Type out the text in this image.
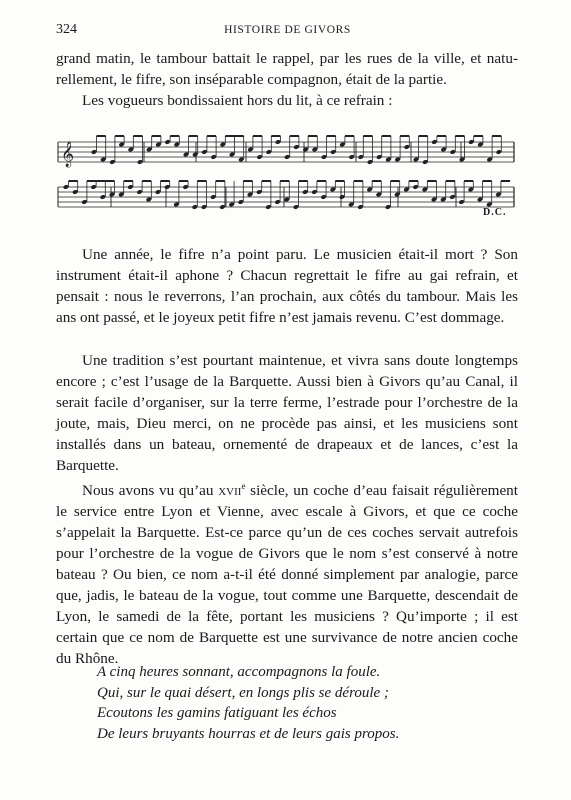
324	HISTOIRE DE GIVORS

grand matin, le tambour battait le rappel, par les rues de la ville, et natu-

rellement, le fifre, son inséparable compagnon, était de la partie.

Les vogueurs bondissaient hors du lit, à ce refrain :

𝄞
D.C.

Une année, le fifre n’a point paru. Le musicien était-il mort ? Son instrument était-il aphone ? Chacun regrettait le fifre au gai refrain, et pensait : nous le reverrons, l’an prochain, aux côtés du tambour. Mais les ans ont passé, et le joyeux petit fifre n’est jamais revenu. C’est dommage.

Une tradition s’est pourtant maintenue, et vivra sans doute longtemps encore ; c’est l’usage de la Barquette. Aussi bien à Givors qu’au Canal, il serait facile d’organiser, sur la terre ferme, l’estrade pour l’orchestre de la joute, mais, Dieu merci, on ne procède pas ainsi, et les musiciens sont installés dans un bateau, ornementé de drapeaux et de lances, c’est la Barquette.

Nous avons vu qu’au xvii$^e$ siècle, un coche d’eau faisait régulièrement le service entre Lyon et Vienne, avec escale à Givors, et que ce coche s’appelait la Barquette. Est-ce parce qu’un de ces coches servait autrefois pour l’orchestre de la vogue de Givors que le nom s’est conservé à notre bateau ? Ou bien, ce nom a-t-il été donné simplement par analogie, parce que, jadis, le bateau de la vogue, tout comme une Barquette, descendait de Lyon, le samedi de la fête, portant les musiciens ? Qu’importe ; il est certain que ce nom de Barquette est une survivance de notre ancien coche du Rhône.

A cinq heures sonnant, accompagnons la foule.

Qui, sur le quai désert, en longs plis se déroule ;

Ecoutons les gamins fatiguant les échos

De leurs bruyants hourras et de leurs gais propos.
